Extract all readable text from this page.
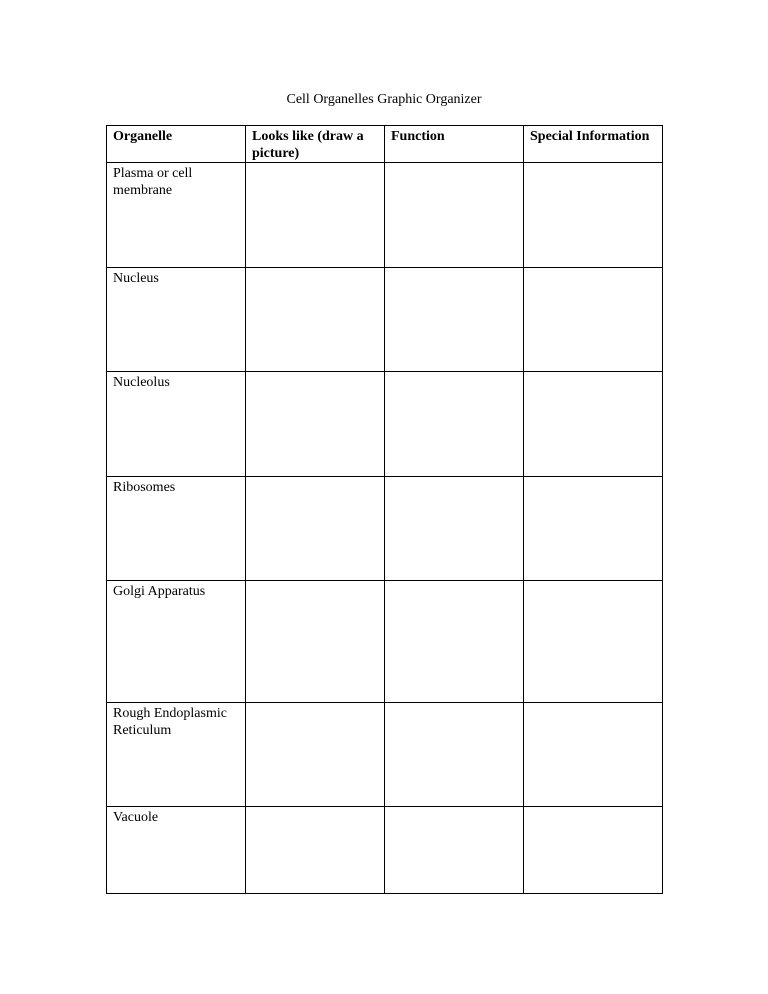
Cell Organelles Graphic Organizer
Organelle	Looks like (draw a picture)	Function	Special Information
Plasma or cell membrane			
Nucleus			
Nucleolus			
Ribosomes			
Golgi Apparatus			
Rough Endoplasmic Reticulum			
Vacuole			
